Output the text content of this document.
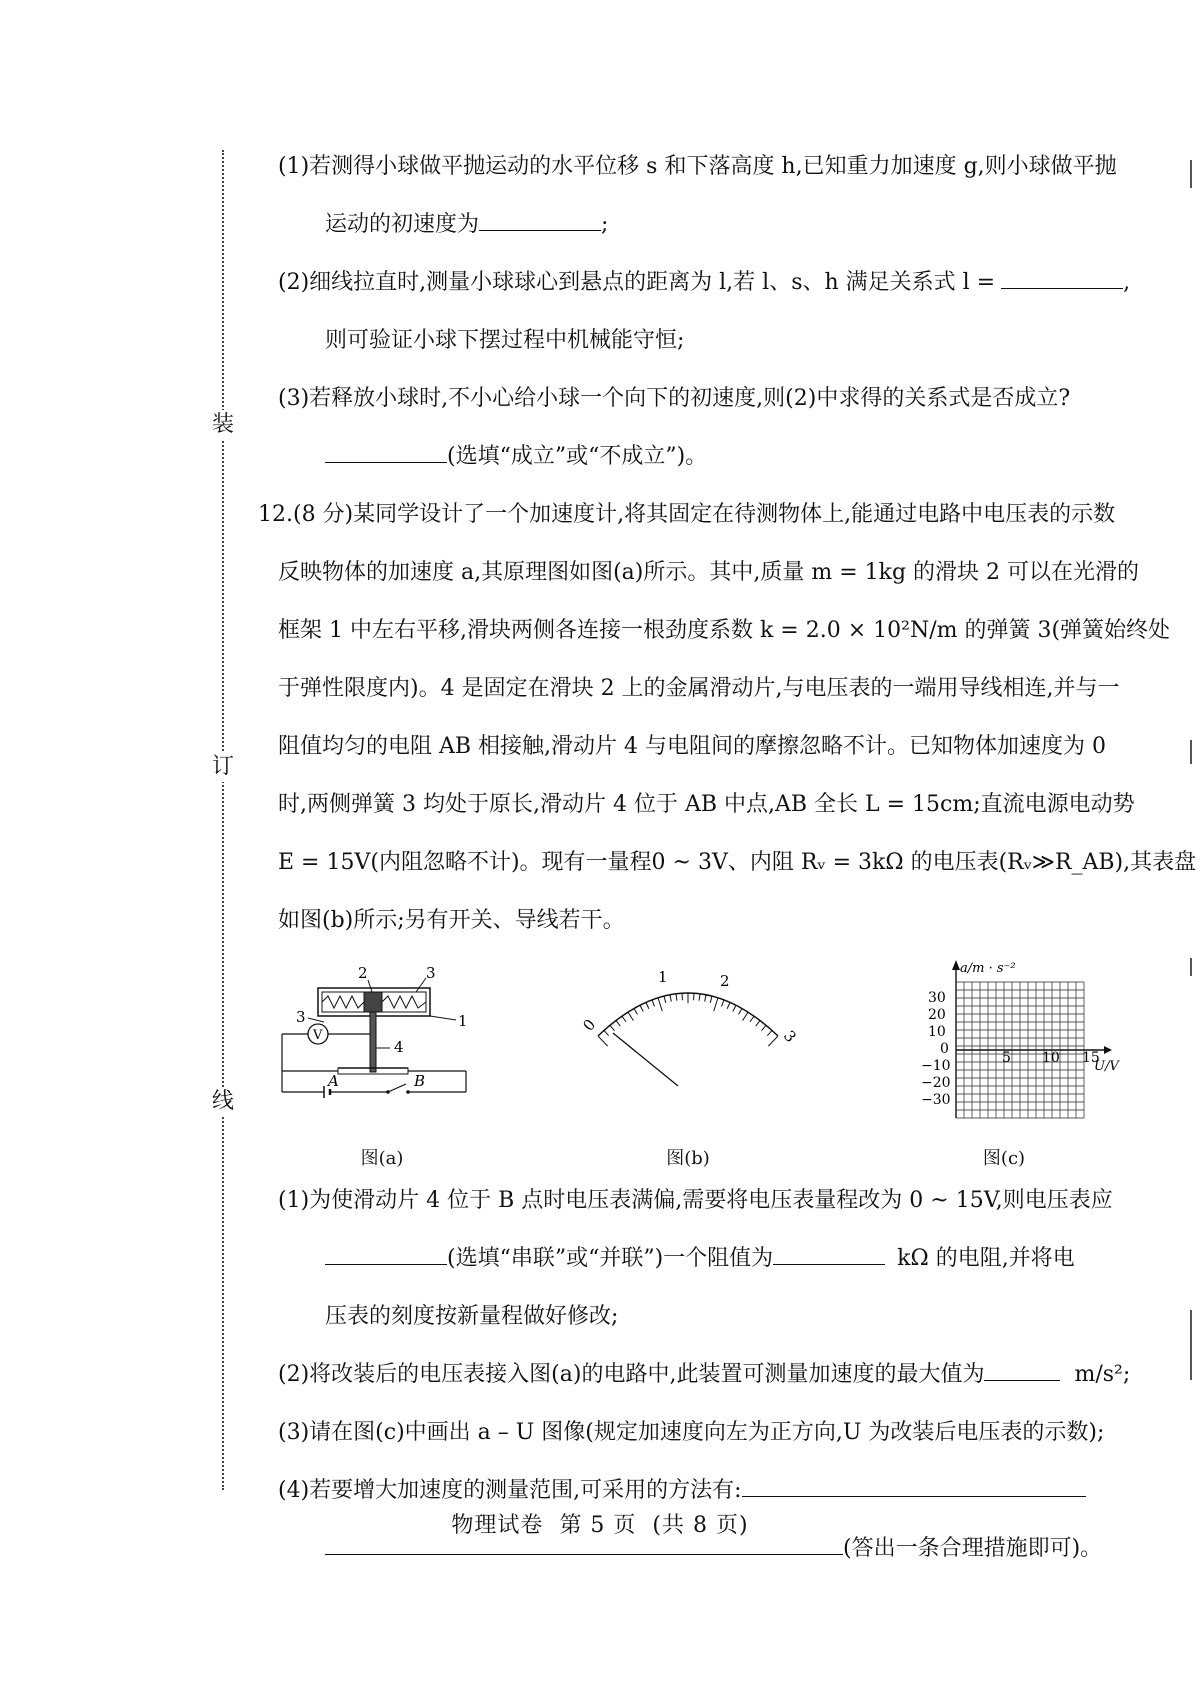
装
订
线
(1)若测得小球做平抛运动的水平位移 s 和下落高度 h,已知重力加速度 g,则小球做平抛
运动的初速度为	;
(2)细线拉直时,测量小球球心到悬点的距离为 l,若 l、s、h 满足关系式 l =	,
则可验证小球下摆过程中机械能守恒;
(3)若释放小球时,不小心给小球一个向下的初速度,则(2)中求得的关系式是否成立?
(选填“成立”或“不成立”)。
12.(8 分)某同学设计了一个加速度计,将其固定在待测物体上,能通过电路中电压表的示数
反映物体的加速度 a,其原理图如图(a)所示。其中,质量 m = 1kg 的滑块 2 可以在光滑的
框架 1 中左右平移,滑块两侧各连接一根劲度系数 k = 2.0 × 10²N/m 的弹簧 3(弹簧始终处
于弹性限度内)。4 是固定在滑块 2 上的金属滑动片,与电压表的一端用导线相连,并与一
阻值均匀的电阻 AB 相接触,滑动片 4 与电阻间的摩擦忽略不计。已知物体加速度为 0
时,两侧弹簧 3 均处于原长,滑动片 4 位于 AB 中点,AB 全长 L = 15cm;直流电源电动势
E = 15V(内阻忽略不计)。现有一量程0 ~ 3V、内阻 Rᵥ = 3kΩ 的电压表(Rᵥ≫R_AB),其表盘
如图(b)所示;另有开关、导线若干。
2	3
3	1
4
V
A	B
图(a)
0
1	2
3
图(b)
a/m · s⁻²
U/V
30
20
10
0
−10
−20
−30
5 10 15
图(c)
(1)为使滑动片 4 位于 B 点时电压表满偏,需要将电压表量程改为 0 ~ 15V,则电压表应
(选填“串联”或“并联”)一个阻值为	kΩ 的电阻,并将电
压表的刻度按新量程做好修改;
(2)将改装后的电压表接入图(a)的电路中,此装置可测量加速度的最大值为	m/s²;
(3)请在图(c)中画出 a – U 图像(规定加速度向左为正方向,U 为改装后电压表的示数);
(4)若要增大加速度的测量范围,可采用的方法有:
(答出一条合理措施即可)。
物理试卷 第 5 页 (共 8 页)
